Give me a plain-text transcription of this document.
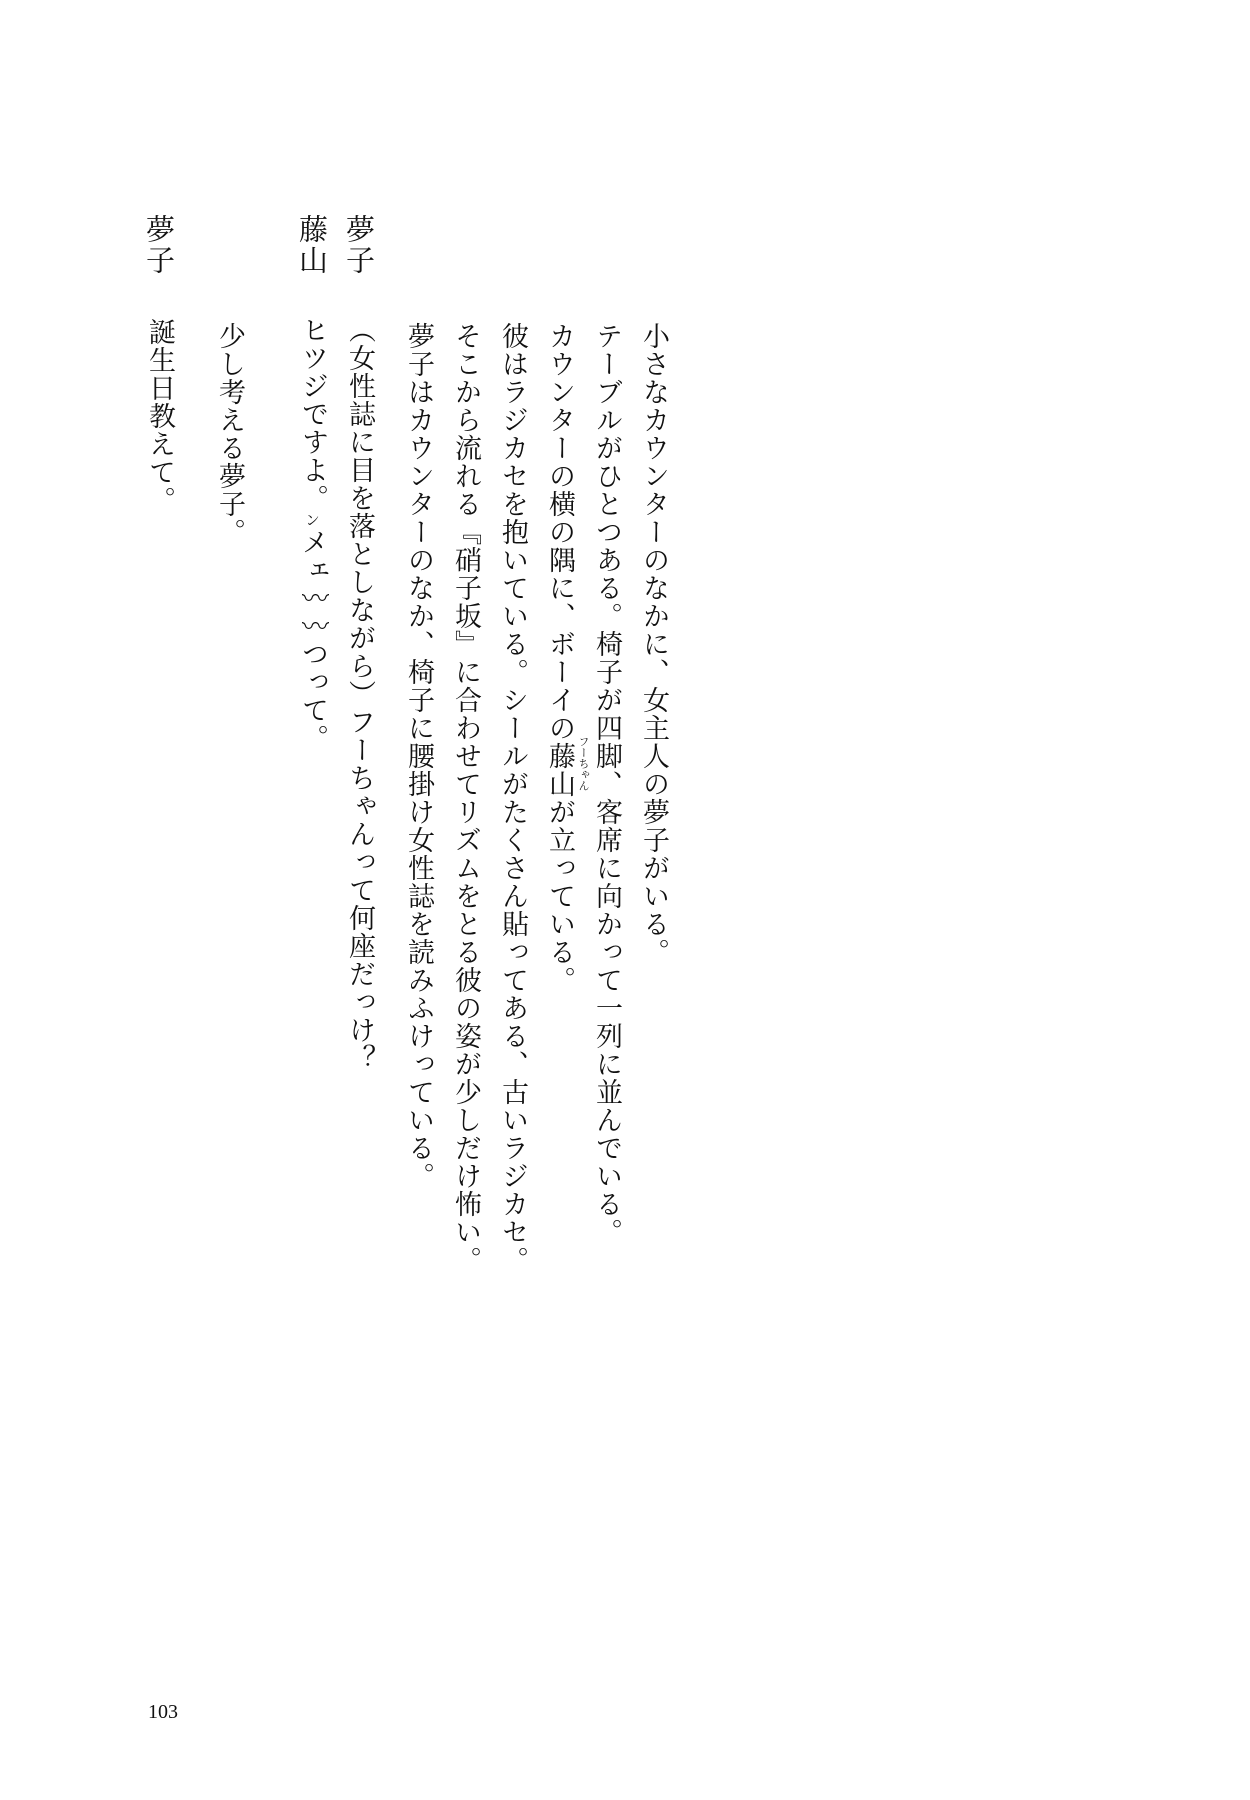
小さなカウンターのなかに、女主人の夢子がいる。
テーブルがひとつある。椅子が四脚、客席に向かって一列に並んでいる。
カウンターの横の隅に、ボーイの藤山 フーちゃん
が立っている。
彼はラジカセを抱いている。シールがたくさん貼ってある、古いラジカセ。
そこから流れる『硝子坂』に合わせてリズムをとる彼の姿が少しだけ怖い。
夢子はカウンターのなか、椅子に腰掛け女性誌を読みふけっている。
夢子
藤山
夢子
（女性誌に目を落としながら）フーちゃんって何座だっけ？
ヒツジですよ。ンメェ〰〰つって。
少し考える夢子。
誕生日教えて。
103
